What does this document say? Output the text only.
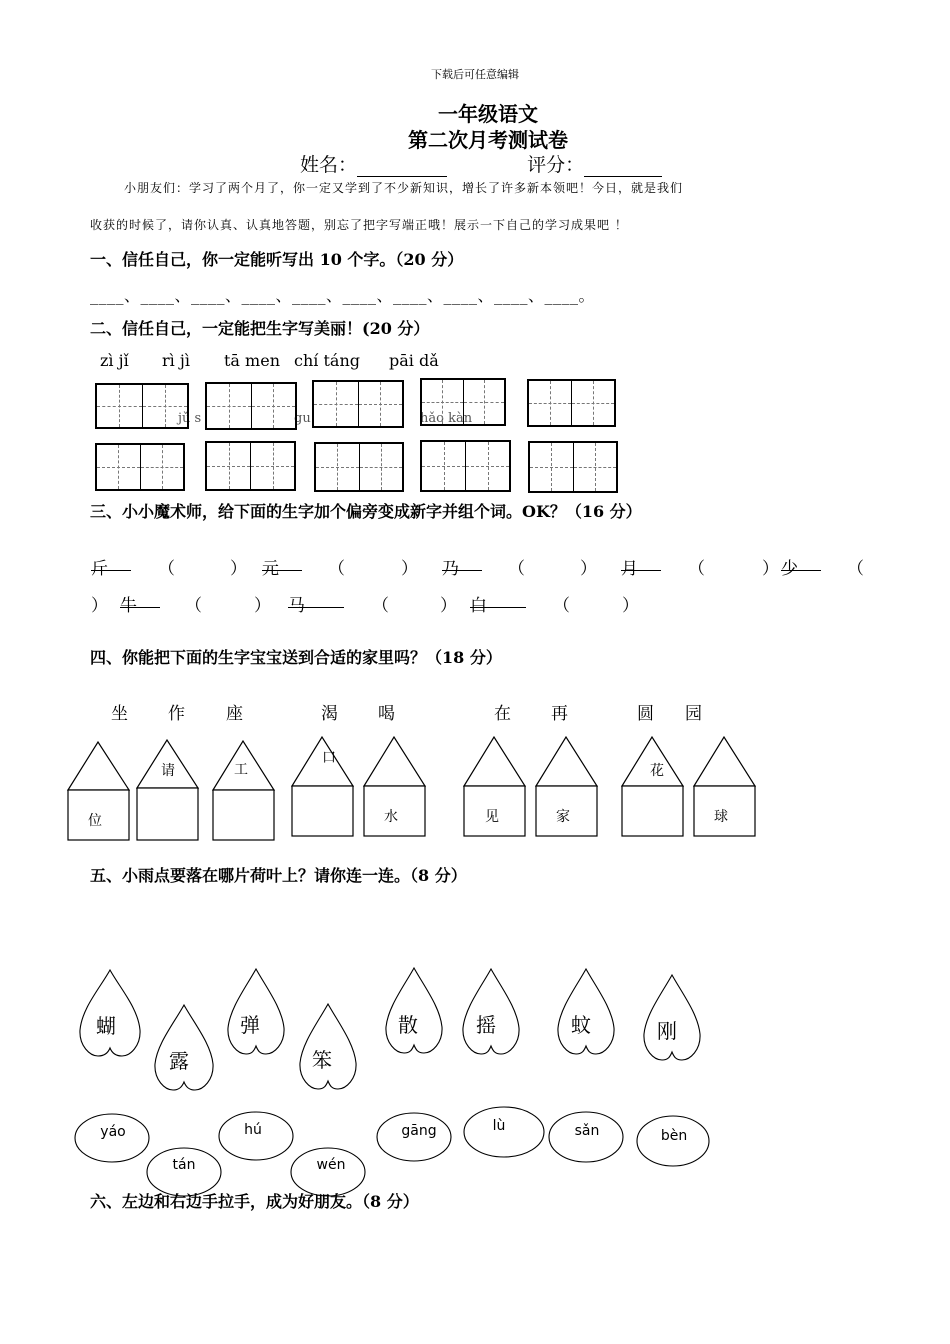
下载后可任意编辑
一年级语文
第二次月考测试卷
姓名：	评分：
小朋友们：学习了两个月了，你一定又学到了不少新知识，增长了许多新本领吧！今日，就是我们
收获的时候了，请你认真、认真地答题，别忘了把字写端正哦！展示一下自己的学习成果吧 ！
一、信任自己，你一定能听写出 10 个字。（20 分）
____、____、____、____、____、____、____、____、____、____。
二、信任自己，一定能把生字写美丽！(20 分）
zì jǐ rì jì tā men chí táng pāi dǎ
jǔ s	gu	hǎo kàn
三、小小魔术师，给下面的生字加个偏旁变成新字并组个词。OK？（16 分）
斤	（	） 元	（	） 乃	（	） 月	（	） 少	（
） 牛	（	） 马	（	） 白	（	）
四、你能把下面的生字宝宝送到合适的家里吗？（18 分）
坐 作 座	渴 喝	在 再	圆 园
请	工
口
花
位	水	见	家	球
五、小雨点要落在哪片荷叶上？请你连一连。（8 分）
蝴
露
弹
笨
散	摇	蚊	刚
yáo
tán
hú
wén
gāng	lù	sǎn	bèn
六、左边和右边手拉手，成为好朋友。（8 分）
